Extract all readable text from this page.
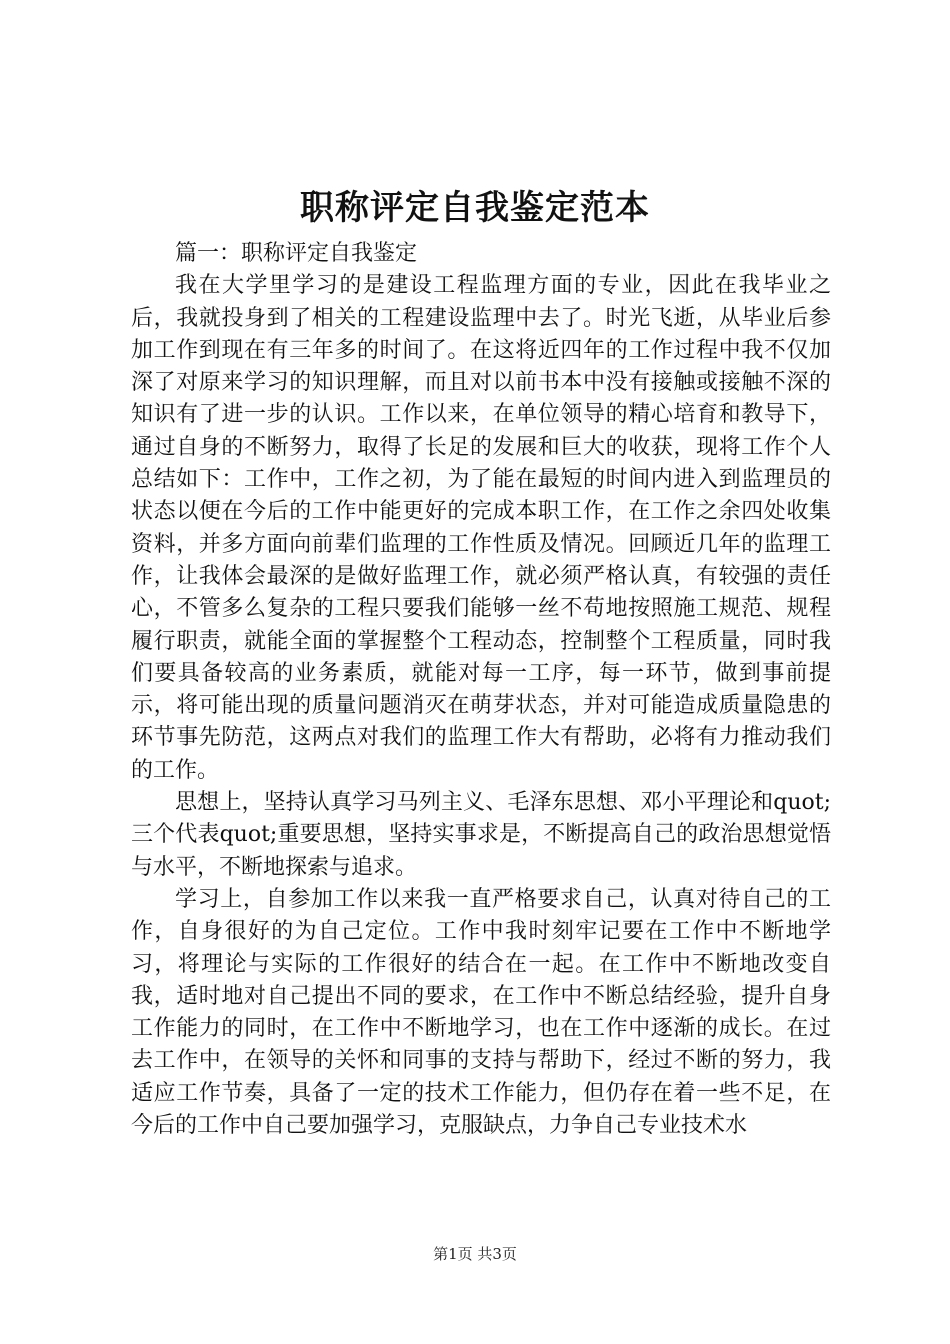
职称评定自我鉴定范本

篇一：职称评定自我鉴定

我在大学里学习的是建设工程监理方面的专业，因此在我毕业之后，我就投身到了相关的工程建设监理中去了。时光飞逝，从毕业后参加工作到现在有三年多的时间了。在这将近四年的工作过程中我不仅加深了对原来学习的知识理解，而且对以前书本中没有接触或接触不深的知识有了进一步的认识。工作以来，在单位领导的精心培育和教导下，通过自身的不断努力，取得了长足的发展和巨大的收获，现将工作个人总结如下：工作中，工作之初，为了能在最短的时间内进入到监理员的状态以便在今后的工作中能更好的完成本职工作，在工作之余四处收集资料，并多方面向前辈们监理的工作性质及情况。回顾近几年的监理工作，让我体会最深的是做好监理工作，就必须严格认真，有较强的责任心，不管多么复杂的工程只要我们能够一丝不苟地按照施工规范、规程履行职责，就能全面的掌握整个工程动态，控制整个工程质量，同时我们要具备较高的业务素质，就能对每一工序，每一环节，做到事前提示，将可能出现的质量问题消灭在萌芽状态，并对可能造成质量隐患的环节事先防范，这两点对我们的监理工作大有帮助，必将有力推动我们的工作。

思想上，坚持认真学习马列主义、毛泽东思想、邓小平理论和quot;三个代表quot;重要思想，坚持实事求是，不断提高自己的政治思想觉悟与水平，不断地探索与追求。

学习上，自参加工作以来我一直严格要求自己，认真对待自己的工作，自身很好的为自己定位。工作中我时刻牢记要在工作中不断地学习，将理论与实际的工作很好的结合在一起。在工作中不断地改变自我，适时地对自己提出不同的要求，在工作中不断总结经验，提升自身工作能力的同时，在工作中不断地学习，也在工作中逐渐的成长。在过去工作中，在领导的关怀和同事的支持与帮助下，经过不断的努力，我适应工作节奏，具备了一定的技术工作能力，但仍存在着一些不足，在今后的工作中自己要加强学习，克服缺点，力争自己专业技术水

第1页 共3页
